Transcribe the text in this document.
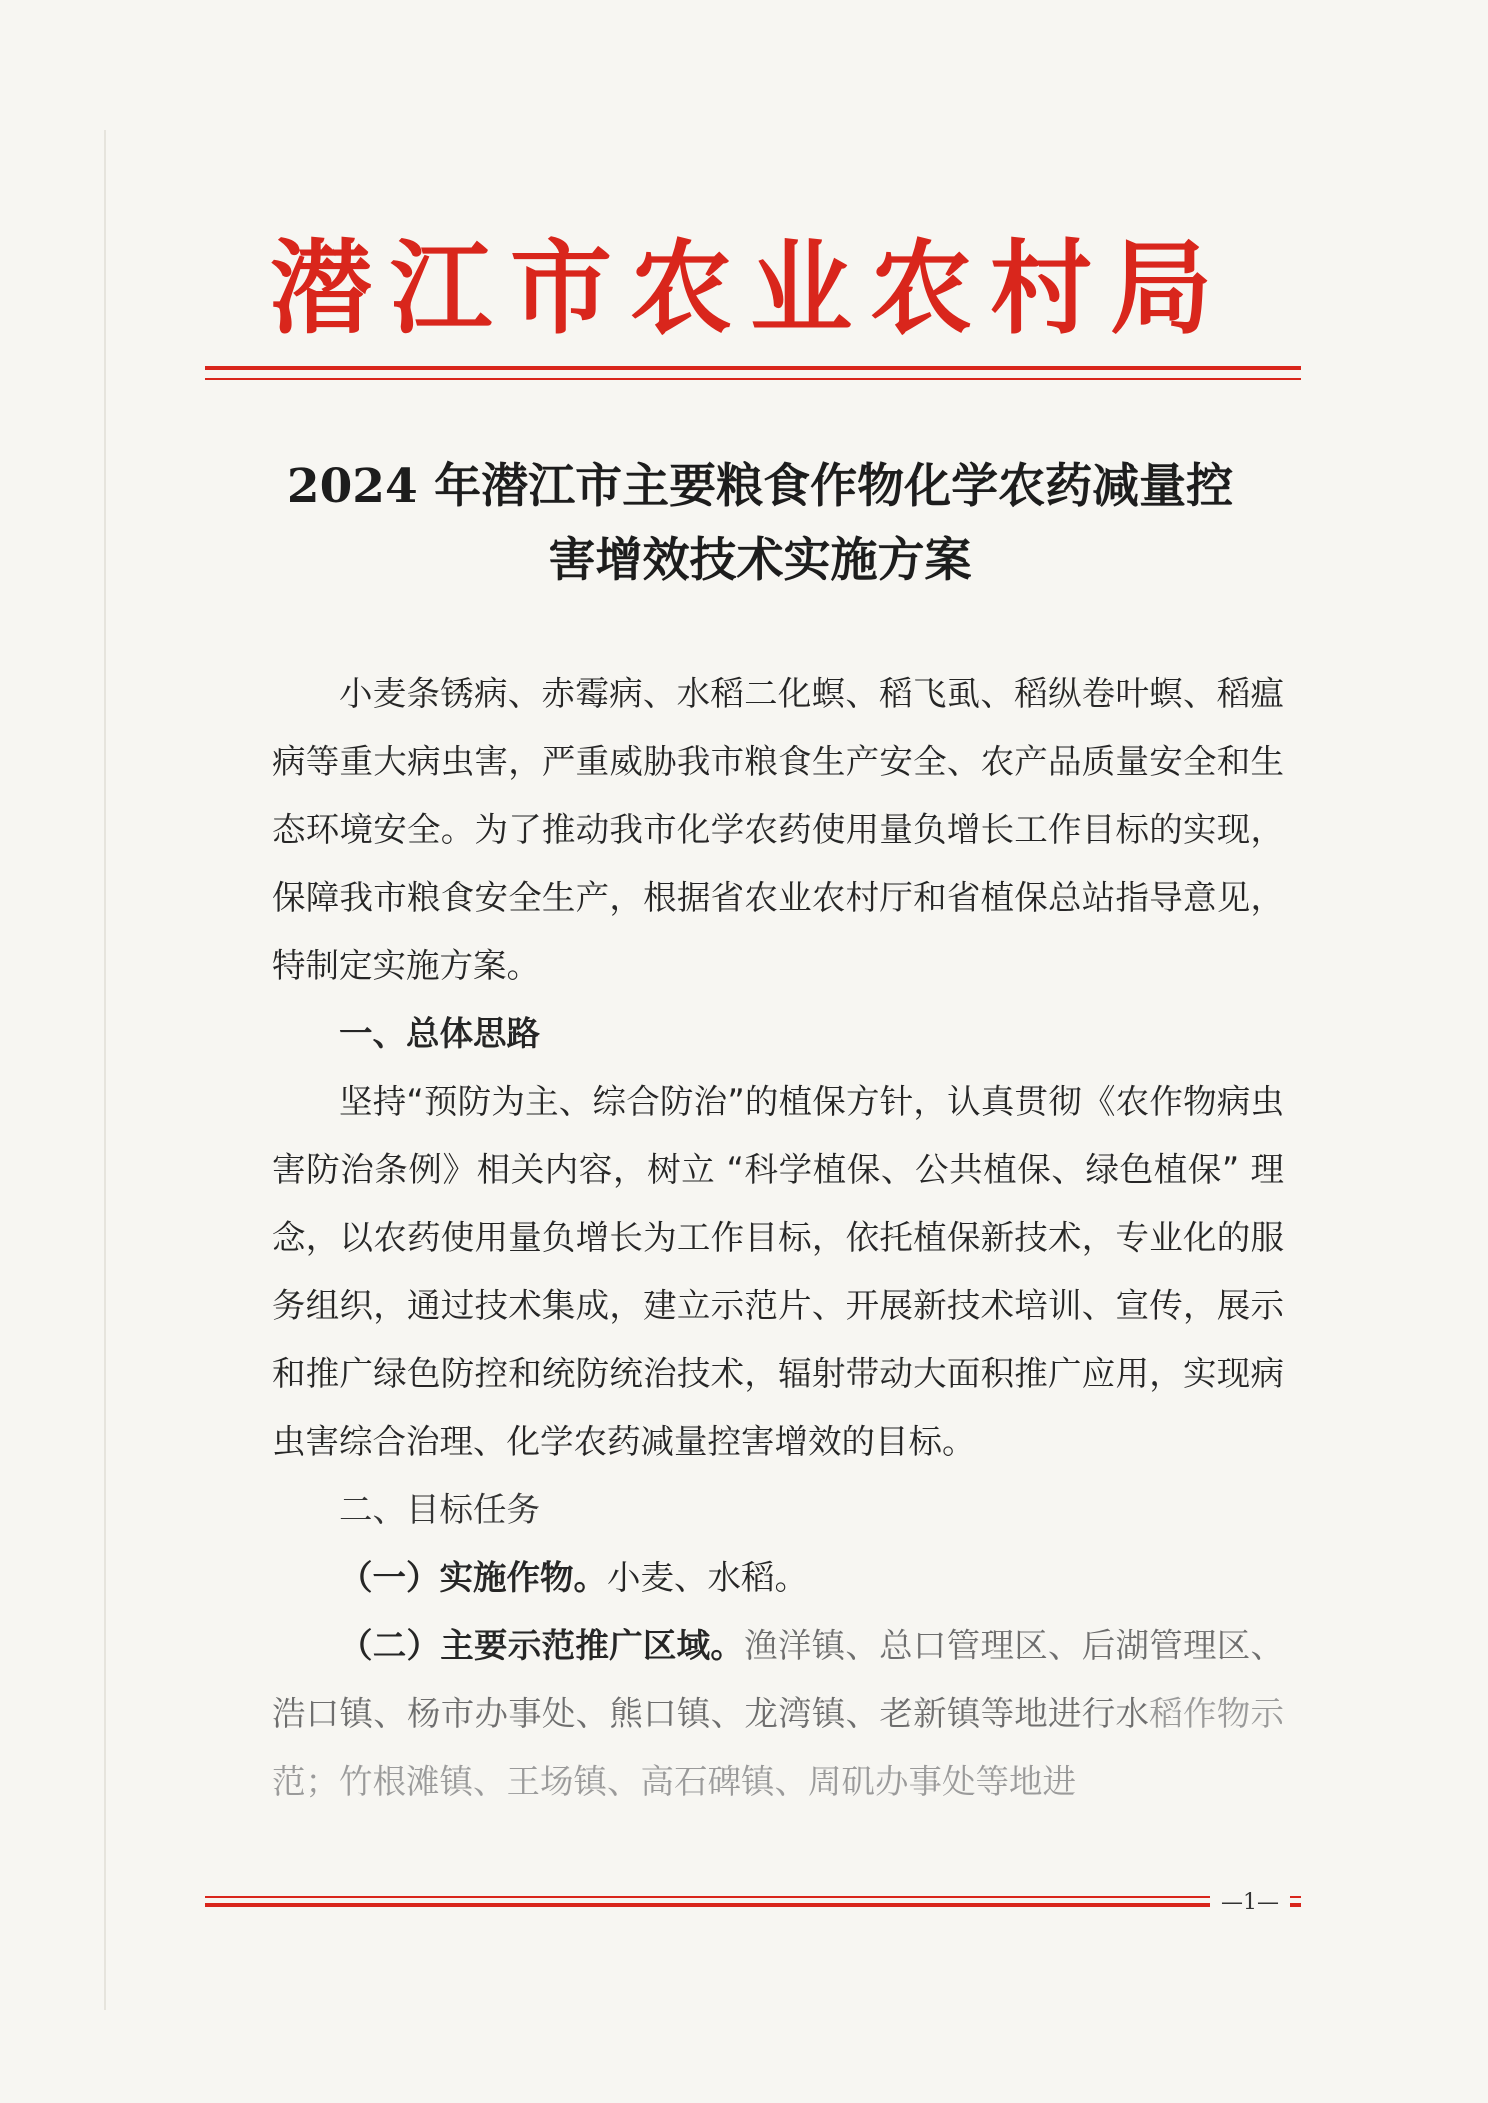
潜江市农业农村局
2024 年潜江市主要粮食作物化学农药减量控
害增效技术实施方案

小麦条锈病、赤霉病、水稻二化螟、稻飞虱、稻纵卷叶螟、稻瘟病等重大病虫害，严重威胁我市粮食生产安全、农产品质量安全和生态环境安全。为了推动我市化学农药使用量负增长工作目标的实现，保障我市粮食安全生产，根据省农业农村厅和省植保总站指导意见，特制定实施方案。

一、总体思路

坚持“预防为主、综合防治”的植保方针，认真贯彻《农作物病虫害防治条例》相关内容，树立 “科学植保、公共植保、绿色植保” 理念，以农药使用量负增长为工作目标，依托植保新技术，专业化的服务组织，通过技术集成，建立示范片、开展新技术培训、宣传，展示和推广绿色防控和统防统治技术，辐射带动大面积推广应用，实现病虫害综合治理、化学农药减量控害增效的目标。

二、目标任务

（一）实施作物。小麦、水稻。

（二）主要示范推广区域。渔洋镇、总口管理区、后湖管理区、浩口镇、杨市办事处、熊口镇、龙湾镇、老新镇等地进行水稻作物示范；竹根滩镇、王场镇、高石碑镇、周矶办事处等地进

—1—
